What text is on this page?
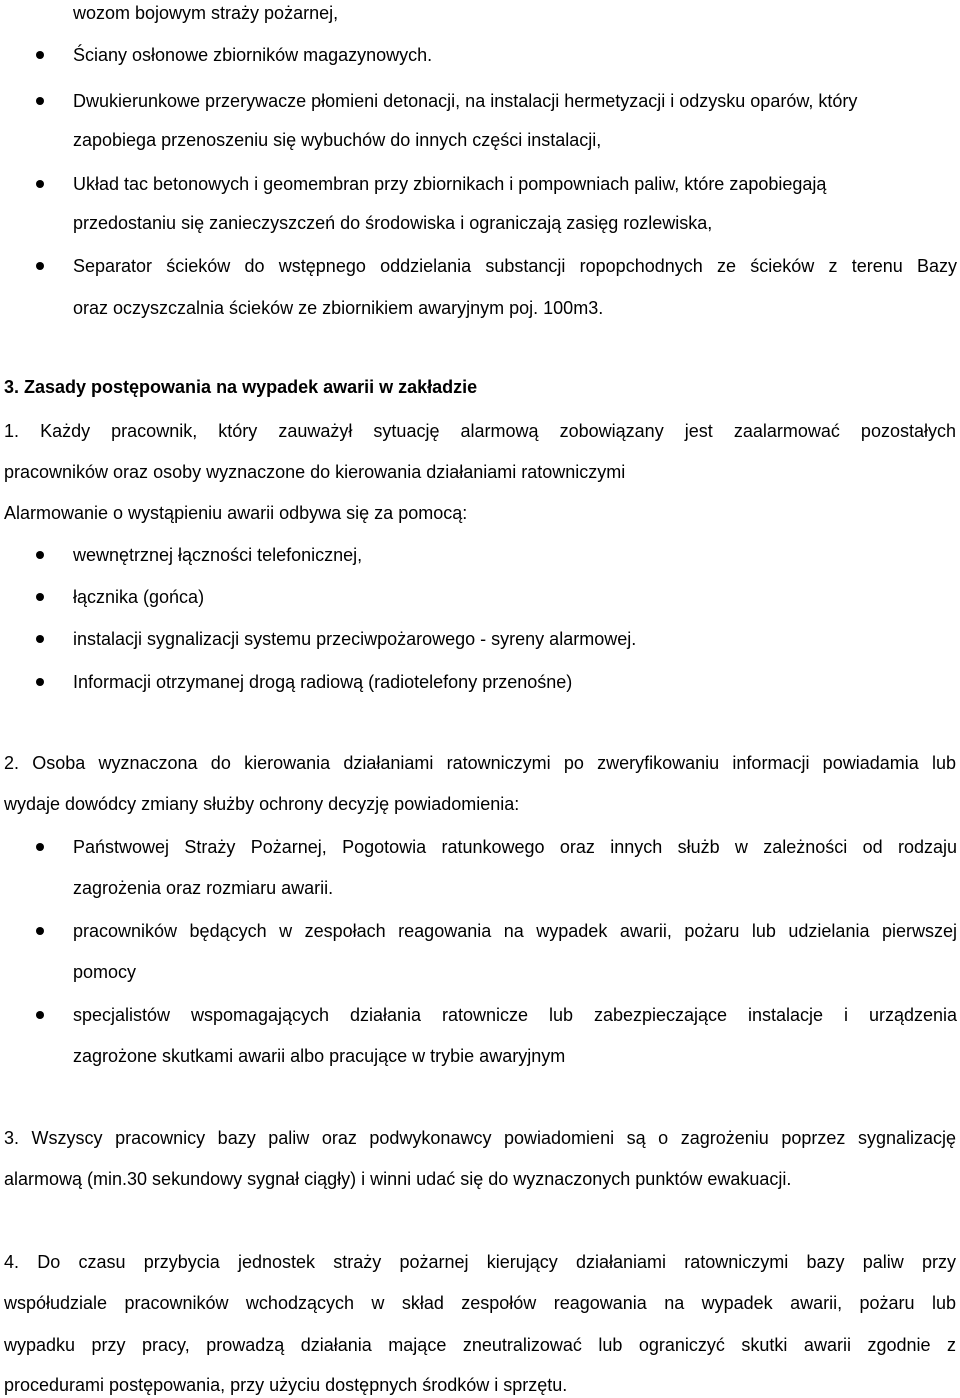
wozom bojowym straży pożarnej,
Ściany osłonowe zbiorników magazynowych.
Dwukierunkowe przerywacze płomieni detonacji, na instalacji hermetyzacji i odzysku oparów, który
zapobiega przenoszeniu się wybuchów do innych części instalacji,
Układ tac betonowych i geomembran przy zbiornikach i pompowniach paliw, które zapobiegają
przedostaniu się zanieczyszczeń do środowiska i ograniczają zasięg rozlewiska,
Separator ścieków do wstępnego oddzielania substancji ropopchodnych ze ścieków z terenu Bazy
oraz oczyszczalnia ścieków ze zbiornikiem awaryjnym poj. 100m3.
3. Zasady postępowania na wypadek awarii w zakładzie
1. Każdy pracownik, który zauważył sytuację alarmową zobowiązany jest zaalarmować pozostałych
pracowników oraz osoby wyznaczone do kierowania działaniami ratowniczymi
Alarmowanie o wystąpieniu awarii odbywa się za pomocą:
wewnętrznej łączności telefonicznej,
łącznika (gońca)
instalacji sygnalizacji systemu przeciwpożarowego - syreny alarmowej.
Informacji otrzymanej drogą radiową (radiotelefony przenośne)
2. Osoba wyznaczona do kierowania działaniami ratowniczymi po zweryfikowaniu informacji powiadamia lub
wydaje dowódcy zmiany służby ochrony decyzję powiadomienia:
Państwowej Straży Pożarnej, Pogotowia ratunkowego oraz innych służb w zależności od rodzaju
zagrożenia oraz rozmiaru awarii.
pracowników będących w zespołach reagowania na wypadek awarii, pożaru lub udzielania pierwszej
pomocy
specjalistów wspomagających działania ratownicze lub zabezpieczające instalacje i urządzenia
zagrożone skutkami awarii albo pracujące w trybie awaryjnym
3. Wszyscy pracownicy bazy paliw oraz podwykonawcy powiadomieni są o zagrożeniu poprzez sygnalizację
alarmową (min.30 sekundowy sygnał ciągły) i winni udać się do wyznaczonych punktów ewakuacji.
4. Do czasu przybycia jednostek straży pożarnej kierujący działaniami ratowniczymi bazy paliw przy
współudziale pracowników wchodzących w skład zespołów reagowania na wypadek awarii, pożaru lub
wypadku przy pracy, prowadzą działania mające zneutralizować lub ograniczyć skutki awarii zgodnie z
procedurami postępowania, przy użyciu dostępnych środków i sprzętu.
